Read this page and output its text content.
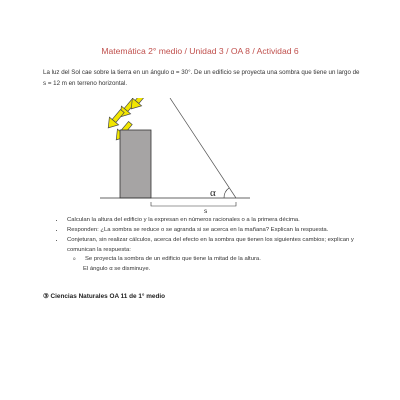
Matemática 2° medio / Unidad 3 / OA 8 / Actividad 6
La luz del Sol cae sobre la tierra en un ángulo α = 30°. De un edificio se proyecta una sombra que tiene un largo de s = 12 m en terreno horizontal.
α
s
• Calculan la altura del edificio y la expresan en números racionales o a la primera décima.
• Responden: ¿La sombra se reduce o se agranda si se acerca en la mañana? Explican la respuesta.
• Conjeturan, sin realizar cálculos, acerca del efecto en la sombra que tienen los siguientes cambios; explican y comunican la respuesta:
o Se proyecta la sombra de un edificio que tiene la mitad de la altura.
El ángulo α se disminuye.
③ Ciencias Naturales OA 11 de 1° medio
